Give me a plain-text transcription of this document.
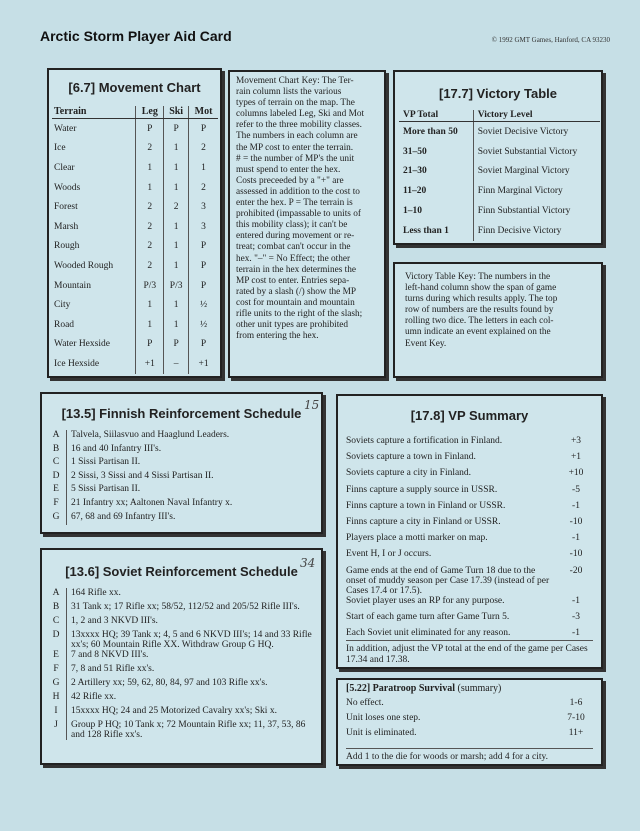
Arctic Storm Player Aid Card	© 1992 GMT Games, Hanford, CA 93230
[6.7] Movement Chart
Terrain	Leg	Ski	Mot
Water	P	P	P
Ice	2	1	2
Clear	1	1	1
Woods	1	1	2
Forest	2	2	3
Marsh	2	1	3
Rough	2	1	P
Wooded Rough	2	1	P
Mountain	P/3	P/3	P
City	1	1	½
Road	1	1	½
Water Hexside	P	P	P
Ice Hexside	+1	–	+1
Movement Chart Key: The Ter-
rain column lists the various
types of terrain on the map. The
columns labeled Leg, Ski and Mot
refer to the three mobility classes.
The numbers in each column are
the MP cost to enter the terrain.
# = the number of MP's the unit
must spend to enter the hex.
Costs preceeded by a "+" are
assessed in addition to the cost to
enter the hex. P = The terrain is
prohibited (impassable to units of
this mobility class); it can't be
entered during movement or re-
treat; combat can't occur in the
hex. "–" = No Effect; the other
terrain in the hex determines the
MP cost to enter. Entries sepa-
rated by a slash (/) show the MP
cost for mountain and mountain
rifle units to the right of the slash;
other unit types are prohibited
from entering the hex.
[17.7] Victory Table
VP Total	Victory Level
More than 50	Soviet Decisive Victory
31–50	Soviet Substantial Victory
21–30	Soviet Marginal Victory
11–20	Finn Marginal Victory
1–10	Finn Substantial Victory
Less than 1	Finn Decisive Victory
Victory Table Key: The numbers in the
left-hand column show the span of game
turns during which results apply. The top
row of numbers are the results found by
rolling two dice. The letters in each col-
umn indicate an event explained on the
Event Key.
[13.5] Finnish Reinforcement Schedule
15
A	Talvela, Siilasvuo and Haaglund Leaders.
B	16 and 40 Infantry III's.
C	1 Sissi Partisan II.
D	2 Sissi, 3 Sissi and 4 Sissi Partisan II.
E	5 Sissi Partisan II.
F	21 Infantry xx; Aaltonen Naval Infantry x.
G	67, 68 and 69 Infantry III's.
[13.6] Soviet Reinforcement Schedule
34
A	164 Rifle xx.
B	31 Tank x; 17 Rifle xx; 58/52, 112/52 and 205/52 Rifle III's.
C	1, 2 and 3 NKVD III's.
D	13xxxx HQ; 39 Tank x; 4, 5 and 6 NKVD III's; 14 and 33 Rifle xx's; 60 Mountain Rifle XX. Withdraw Group G HQ.
E	7 and 8 NKVD III's.
F	7, 8 and 51 Rifle xx's.
G	2 Artillery xx; 59, 62, 80, 84, 97 and 103 Rifle xx's.
H	42 Rifle xx.
I	15xxxx HQ; 24 and 25 Motorized Cavalry xx's; Ski x.
J	Group P HQ; 10 Tank x; 72 Mountain Rifle xx; 11, 37, 53, 86 and 128 Rifle xx's.
[17.8] VP Summary
Soviets capture a fortification in Finland.	+3
Soviets capture a town in Finland.	+1
Soviets capture a city in Finland.	+10
Finns capture a supply source in USSR.	-5
Finns capture a town in Finland or USSR.	-1
Finns capture a city in Finland or USSR.	-10
Players place a motti marker on map.	-1
Event H, I or J occurs.	-10
Game ends at the end of Game Turn 18 due to the onset of muddy season per Case 17.39 (instead of per Cases 17.4 or 17.5).	-20
Soviet player uses an RP for any purpose.	-1
Start of each game turn after Game Turn 5.	-3
Each Soviet unit eliminated for any reason.	-1
In addition, adjust the VP total at the end of the game per Cases 17.34 and 17.38.
[5.22] Paratroop Survival (summary)
No effect.	1-6
Unit loses one step.	7-10
Unit is eliminated.	11+
Add 1 to the die for woods or marsh; add 4 for a city.
